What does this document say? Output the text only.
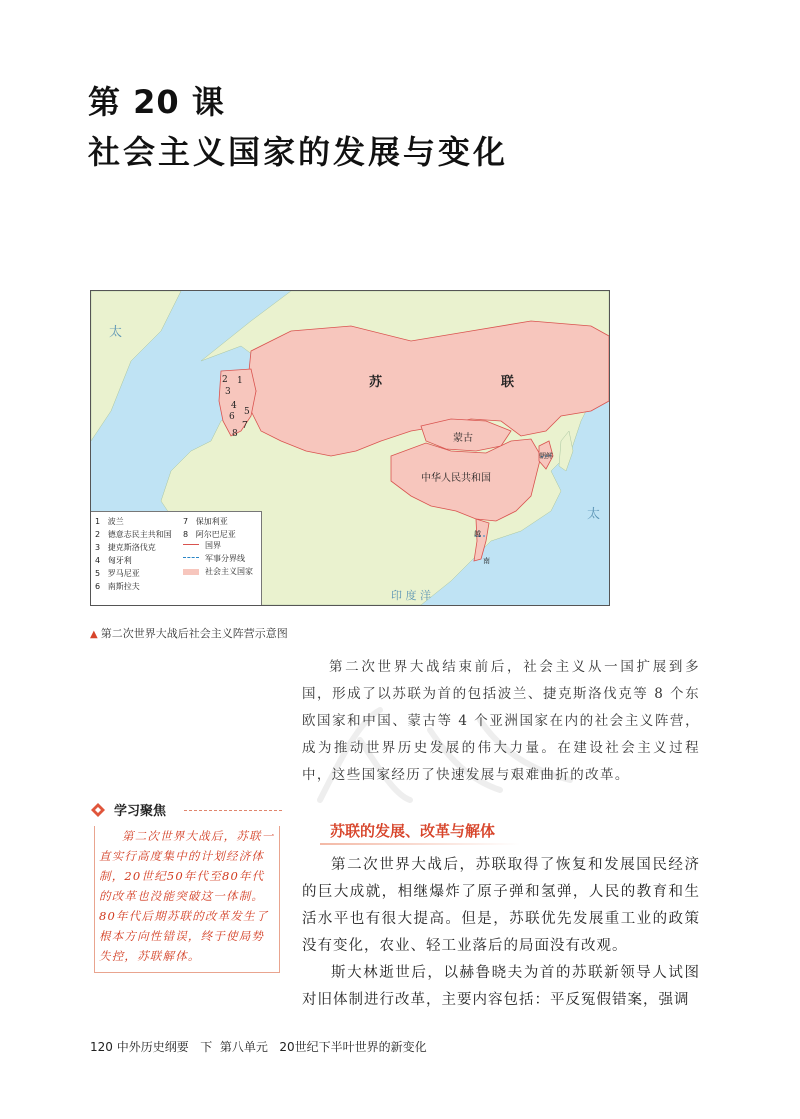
第 20 课
社会主义国家的发展与变化
苏	联
蒙古
中华人民共和国
朝鲜
越
南
太
太
印 度 洋
2 1
3
4
5
6
7
8
1 波兰
2 德意志民主共和国
3 捷克斯洛伐克
4 匈牙利
5 罗马尼亚
6 南斯拉夫
7 保加利亚
8 阿尔巴尼亚
国界
军事分界线
社会主义国家
▲ 第二次世界大战后社会主义阵营示意图
第二次世界大战结束前后，社会主义从一国扩展到多国，形成了以苏联为首的包括波兰、捷克斯洛伐克等 8 个东欧国家和中国、蒙古等 4 个亚洲国家在内的社会主义阵营，成为推动世界历史发展的伟大力量。在建设社会主义过程中，这些国家经历了快速发展与艰难曲折的改革。
学习聚焦
第二次世界大战后，苏联一直实行高度集中的计划经济体制，20世纪50年代至80年代的改革也没能突破这一体制。80年代后期苏联的改革发生了根本方向性错误，终于使局势失控，苏联解体。
苏联的发展、改革与解体
第二次世界大战后，苏联取得了恢复和发展国民经济的巨大成就，相继爆炸了原子弹和氢弹，人民的教育和生活水平也有很大提高。但是，苏联优先发展重工业的政策没有变化，农业、轻工业落后的局面没有改观。
斯大林逝世后，以赫鲁晓夫为首的苏联新领导人试图对旧体制进行改革，主要内容包括：平反冤假错案，强调
120 中外历史纲要 下 第八单元 20世纪下半叶世界的新变化
